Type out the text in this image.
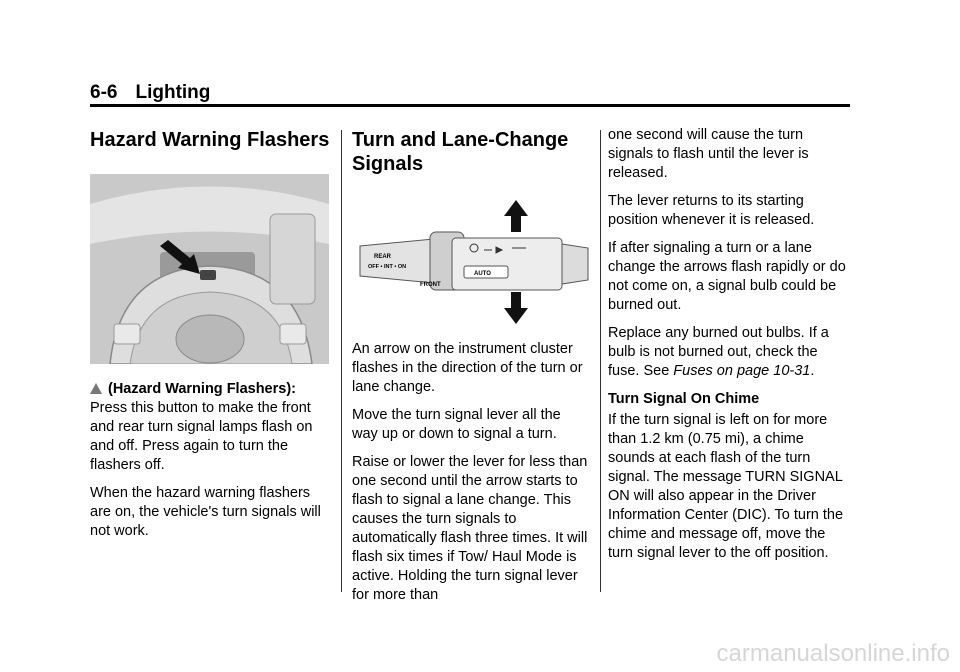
6-6 Lighting
Hazard Warning Flashers

(Hazard Warning Flashers): Press this button to make the front and rear turn signal lamps flash on and off. Press again to turn the flashers off.

When the hazard warning flashers are on, the vehicle's turn signals will not work.

Turn and Lane-Change Signals
REAR
OFF • INT • ON
FRONT
AUTO

An arrow on the instrument cluster flashes in the direction of the turn or lane change.

Move the turn signal lever all the way up or down to signal a turn.

Raise or lower the lever for less than one second until the arrow starts to flash to signal a lane change. This causes the turn signals to automatically flash three times. It will flash six times if Tow/ Haul Mode is active. Holding the turn signal lever for more than

one second will cause the turn signals to flash until the lever is released.

The lever returns to its starting position whenever it is released.

If after signaling a turn or a lane change the arrows flash rapidly or do not come on, a signal bulb could be burned out.

Replace any burned out bulbs. If a bulb is not burned out, check the fuse. See Fuses on page 10-31.

Turn Signal On Chime

If the turn signal is left on for more than 1.2 km (0.75 mi), a chime sounds at each flash of the turn signal. The message TURN SIGNAL ON will also appear in the Driver Information Center (DIC). To turn the chime and message off, move the turn signal lever to the off position.

carmanualsonline.info
